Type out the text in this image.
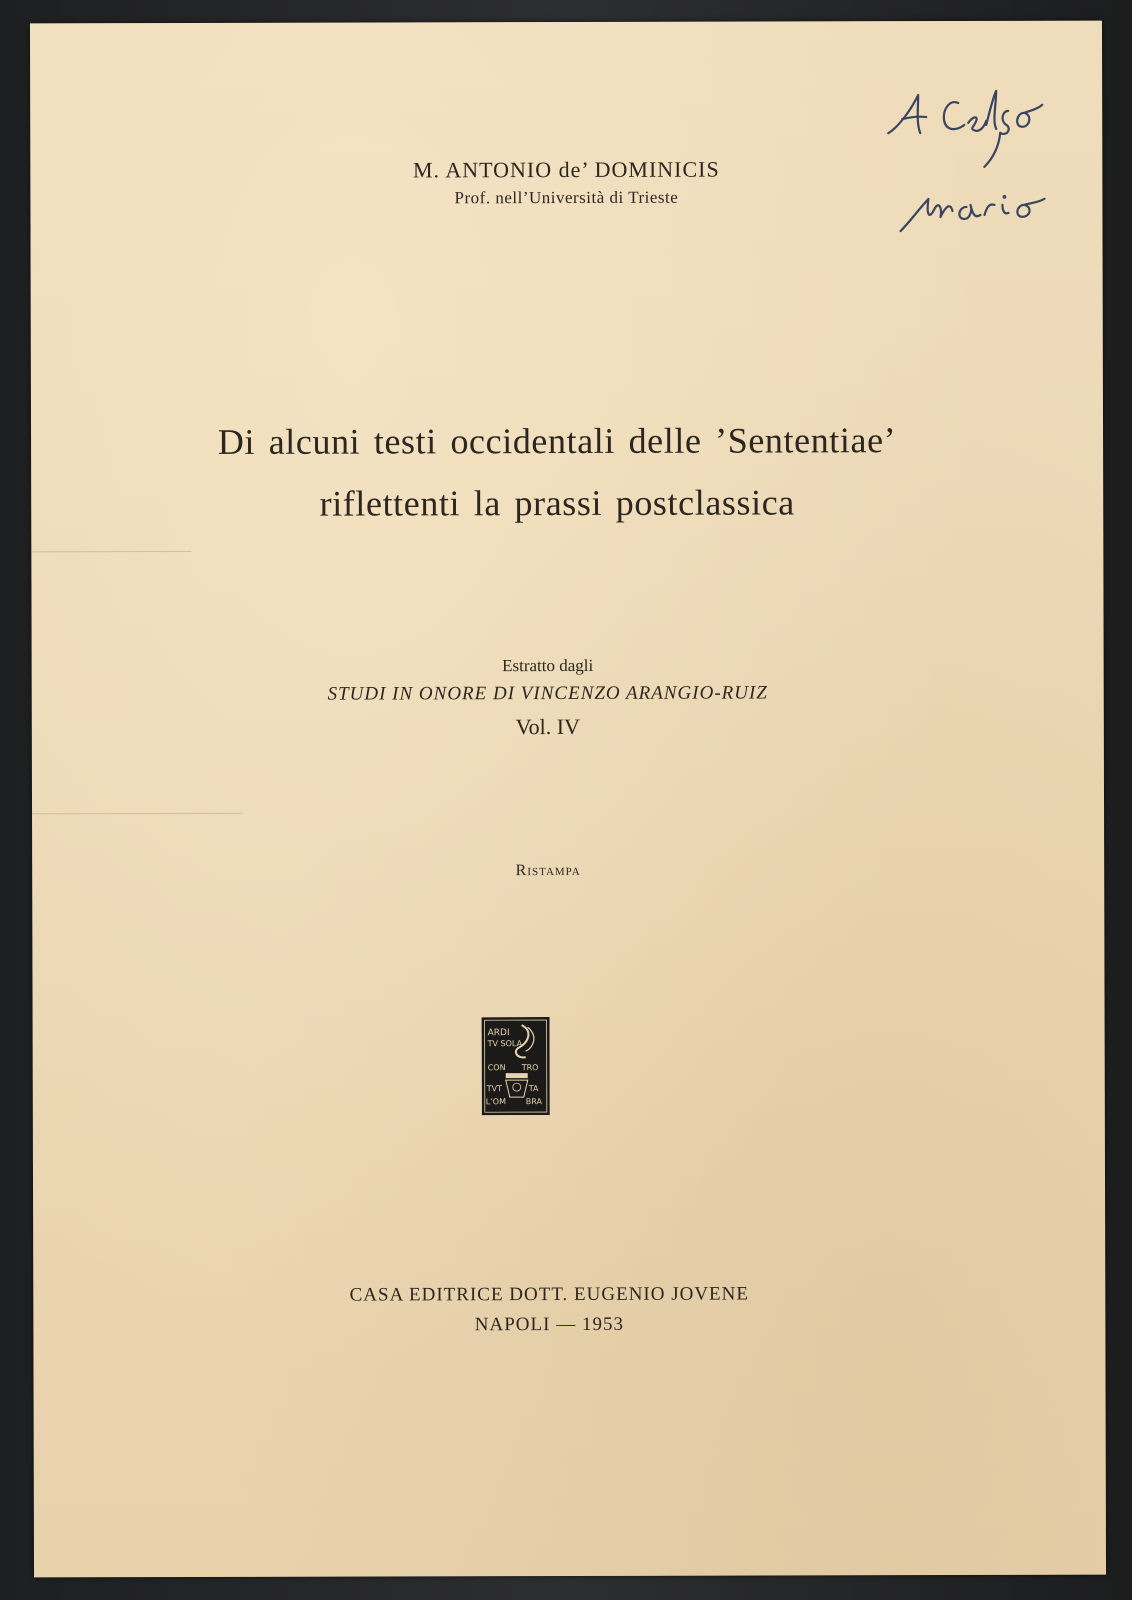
M. ANTONIO de’ DOMINICIS
Prof. nell’Università di Trieste
Di alcuni testi occidentali delle ’Sententiae’
riflettenti la prassi postclassica
Estratto dagli
STUDI IN ONORE DI VINCENZO ARANGIO-RUIZ
Vol. IV
Ristampa
ARDI
TV SOLA
CON TRO
TVT	TA
L’OM BRA
CASA EDITRICE DOTT. EUGENIO JOVENE
NAPOLI — 1953
